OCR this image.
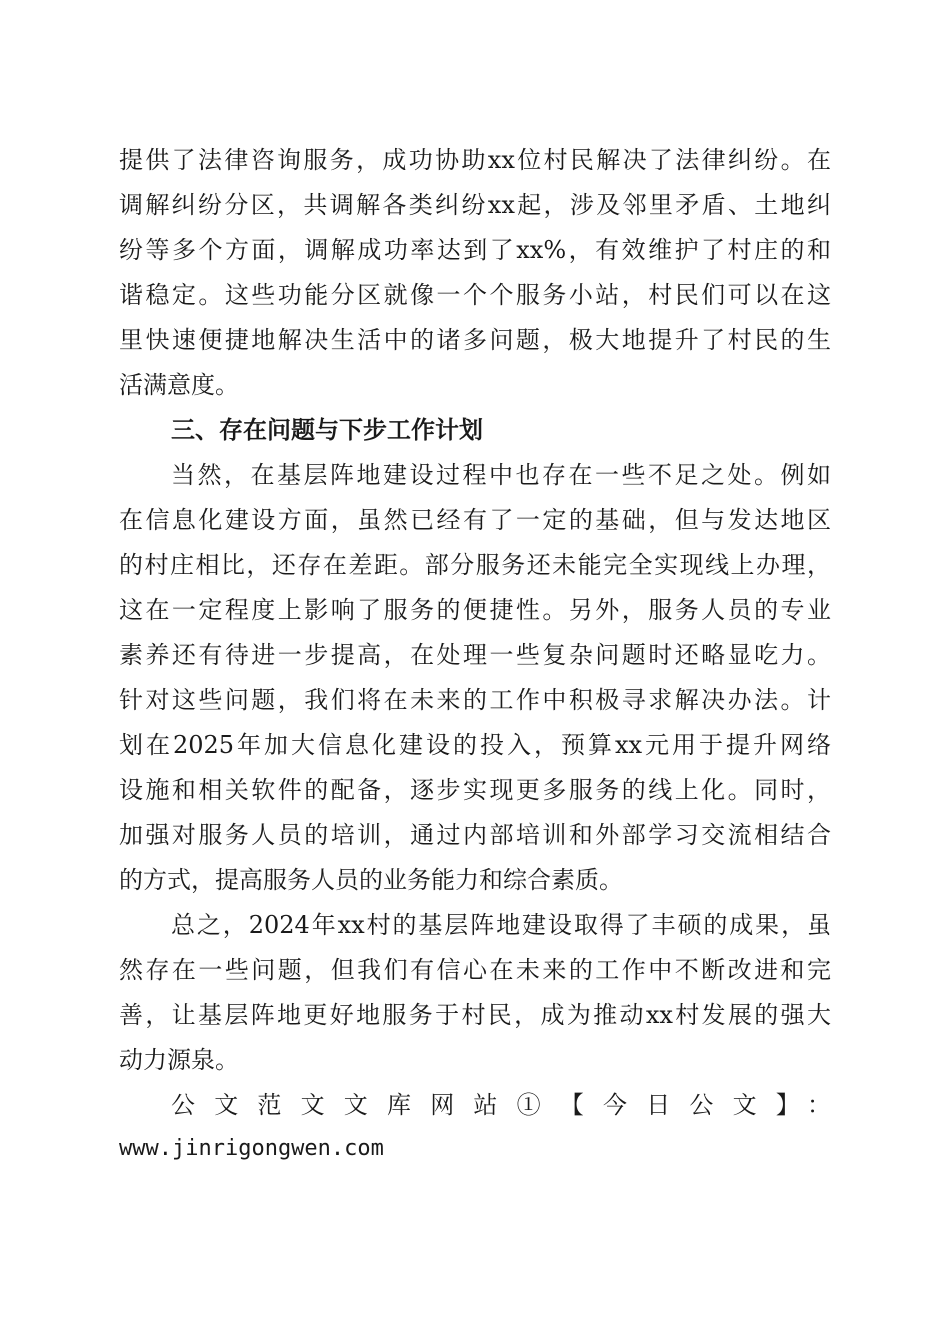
提供了法律咨询服务，成功协助xx位村民解决了法律纠纷。在
调解纠纷分区，共调解各类纠纷xx起，涉及邻里矛盾、土地纠
纷等多个方面，调解成功率达到了xx%，有效维护了村庄的和
谐稳定。这些功能分区就像一个个服务小站，村民们可以在这
里快速便捷地解决生活中的诸多问题，极大地提升了村民的生
活满意度。
三、存在问题与下步工作计划
当然，在基层阵地建设过程中也存在一些不足之处。例如
在信息化建设方面，虽然已经有了一定的基础，但与发达地区
的村庄相比，还存在差距。部分服务还未能完全实现线上办理，
这在一定程度上影响了服务的便捷性。另外，服务人员的专业
素养还有待进一步提高，在处理一些复杂问题时还略显吃力。
针对这些问题，我们将在未来的工作中积极寻求解决办法。计
划在2025年加大信息化建设的投入，预算xx元用于提升网络
设施和相关软件的配备，逐步实现更多服务的线上化。同时，
加强对服务人员的培训，通过内部培训和外部学习交流相结合
的方式，提高服务人员的业务能力和综合素质。
总之，2024年xx村的基层阵地建设取得了丰硕的成果，虽
然存在一些问题，但我们有信心在未来的工作中不断改进和完
善，让基层阵地更好地服务于村民，成为推动xx村发展的强大
动力源泉。
公文范文文库网站①【今日公文】：
www.jinrigongwen.com
